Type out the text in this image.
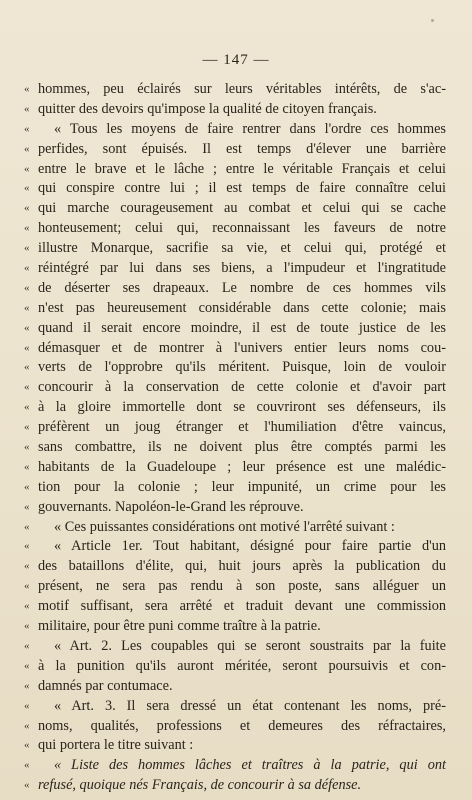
— 147 —
« hommes, peu éclairés sur leurs véritables intérêts, de s'ac-
« quitter des devoirs qu'impose la qualité de citoyen français.
«	« Tous les moyens de faire rentrer dans l'ordre ces hommes
« perfides, sont épuisés. Il est temps d'élever une barrière
« entre le brave et le lâche ; entre le véritable Français et celui
« qui conspire contre lui ; il est temps de faire connaître celui
« qui marche courageusement au combat et celui qui se cache
« honteusement; celui qui, reconnaissant les faveurs de notre
« illustre Monarque, sacrifie sa vie, et celui qui, protégé et
« réintégré par lui dans ses biens, a l'impudeur et l'ingratitude
« de déserter ses drapeaux. Le nombre de ces hommes vils
« n'est pas heureusement considérable dans cette colonie; mais
« quand il serait encore moindre, il est de toute justice de les
« démasquer et de montrer à l'univers entier leurs noms cou-
« verts de l'opprobre qu'ils méritent. Puisque, loin de vouloir
« concourir à la conservation de cette colonie et d'avoir part
« à la gloire immortelle dont se couvriront ses défenseurs, ils
« préfèrent un joug étranger et l'humiliation d'être vaincus,
« sans combattre, ils ne doivent plus être comptés parmi les
« habitants de la Guadeloupe ; leur présence est une malédic-
« tion pour la colonie ; leur impunité, un crime pour les
« gouvernants. Napoléon-le-Grand les réprouve.
«	« Ces puissantes considérations ont motivé l'arrêté suivant :
«	« Article 1er. Tout habitant, désigné pour faire partie d'un
« des bataillons d'élite, qui, huit jours après la publication du
« présent, ne sera pas rendu à son poste, sans alléguer un
« motif suffisant, sera arrêté et traduit devant une commission
« militaire, pour être puni comme traître à la patrie.
«	« Art. 2. Les coupables qui se seront soustraits par la fuite
« à la punition qu'ils auront méritée, seront poursuivis et con-
« damnés par contumace.
«	« Art. 3. Il sera dressé un état contenant les noms, pré-
« noms, qualités, professions et demeures des réfractaires,
« qui portera le titre suivant :
«	« Liste des hommes lâches et traîtres à la patrie, qui ont
« refusé, quoique nés Français, de concourir à sa défense.
